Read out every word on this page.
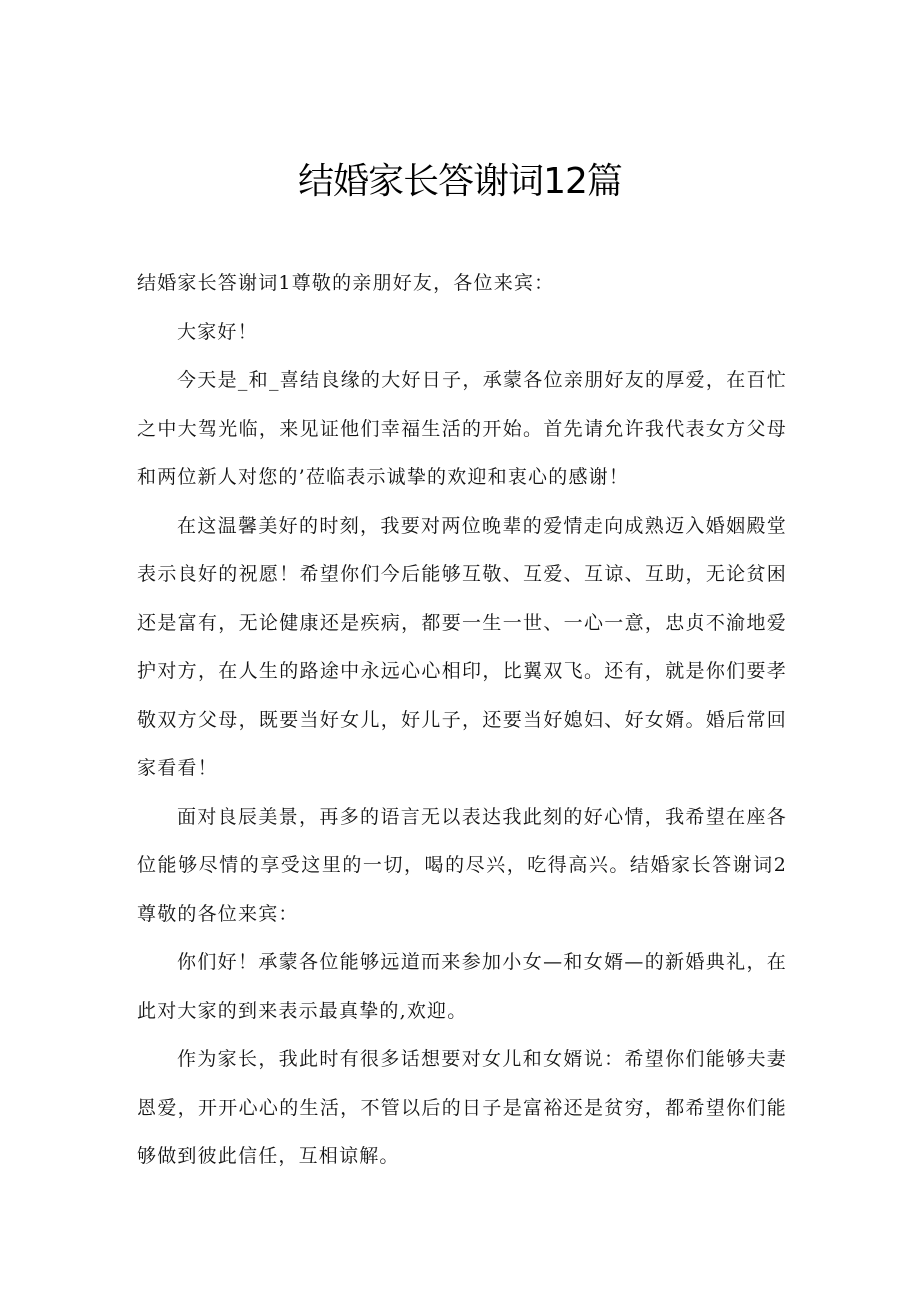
结婚家长答谢词12篇

结婚家长答谢词1尊敬的亲朋好友，各位来宾：

大家好！

今天是_和_喜结良缘的大好日子，承蒙各位亲朋好友的厚爱，在百忙之中大驾光临，来见证他们幸福生活的开始。首先请允许我代表女方父母和两位新人对您的’莅临表示诚挚的欢迎和衷心的感谢！

在这温馨美好的时刻，我要对两位晚辈的爱情走向成熟迈入婚姻殿堂表示良好的祝愿！希望你们今后能够互敬、互爱、互谅、互助，无论贫困还是富有，无论健康还是疾病，都要一生一世、一心一意，忠贞不渝地爱护对方，在人生的路途中永远心心相印，比翼双飞。还有，就是你们要孝敬双方父母，既要当好女儿，好儿子，还要当好媳妇、好女婿。婚后常回家看看！

面对良辰美景，再多的语言无以表达我此刻的好心情，我希望在座各位能够尽情的享受这里的一切，喝的尽兴，吃得高兴。结婚家长答谢词2尊敬的各位来宾：

你们好！承蒙各位能够远道而来参加小女—和女婿—的新婚典礼，在此对大家的到来表示最真挚的,欢迎。

作为家长，我此时有很多话想要对女儿和女婿说：希望你们能够夫妻恩爱，开开心心的生活，不管以后的日子是富裕还是贫穷，都希望你们能够做到彼此信任，互相谅解。
